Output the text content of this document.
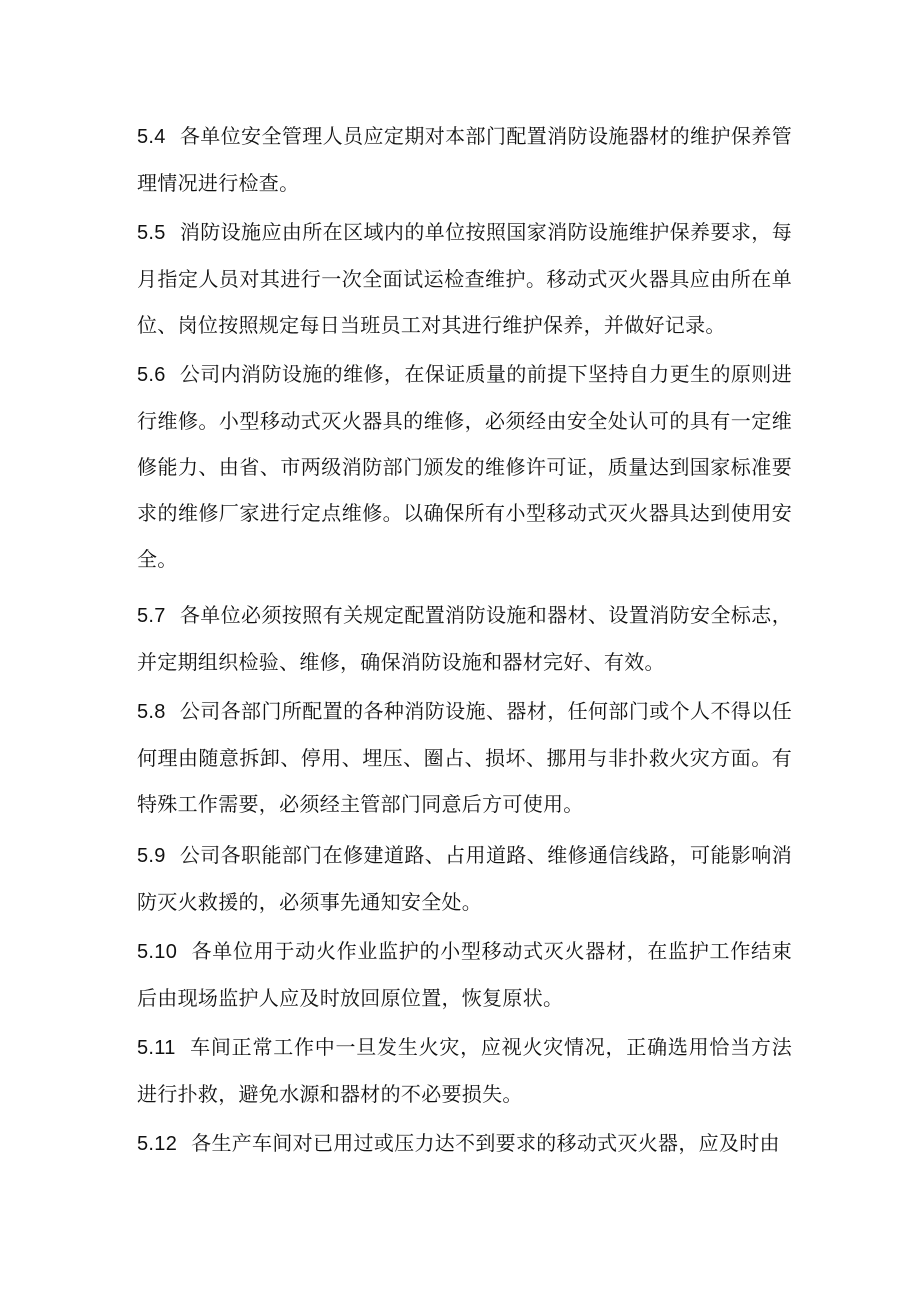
5.4 各单位安全管理人员应定期对本部门配置消防设施器材的维护保养管理情况进行检查。

5.5 消防设施应由所在区域内的单位按照国家消防设施维护保养要求，每月指定人员对其进行一次全面试运检查维护。移动式灭火器具应由所在单位、岗位按照规定每日当班员工对其进行维护保养，并做好记录。

5.6 公司内消防设施的维修，在保证质量的前提下坚持自力更生的原则进行维修。小型移动式灭火器具的维修，必须经由安全处认可的具有一定维修能力、由省、市两级消防部门颁发的维修许可证，质量达到国家标准要求的维修厂家进行定点维修。以确保所有小型移动式灭火器具达到使用安全。

5.7 各单位必须按照有关规定配置消防设施和器材、设置消防安全标志，并定期组织检验、维修，确保消防设施和器材完好、有效。

5.8 公司各部门所配置的各种消防设施、器材，任何部门或个人不得以任何理由随意拆卸、停用、埋压、圈占、损坏、挪用与非扑救火灾方面。有特殊工作需要，必须经主管部门同意后方可使用。

5.9 公司各职能部门在修建道路、占用道路、维修通信线路，可能影响消防灭火救援的，必须事先通知安全处。

5.10 各单位用于动火作业监护的小型移动式灭火器材，在监护工作结束后由现场监护人应及时放回原位置，恢复原状。

5.11 车间正常工作中一旦发生火灾，应视火灾情况，正确选用恰当方法进行扑救，避免水源和器材的不必要损失。

5.12 各生产车间对已用过或压力达不到要求的移动式灭火器，应及时由
